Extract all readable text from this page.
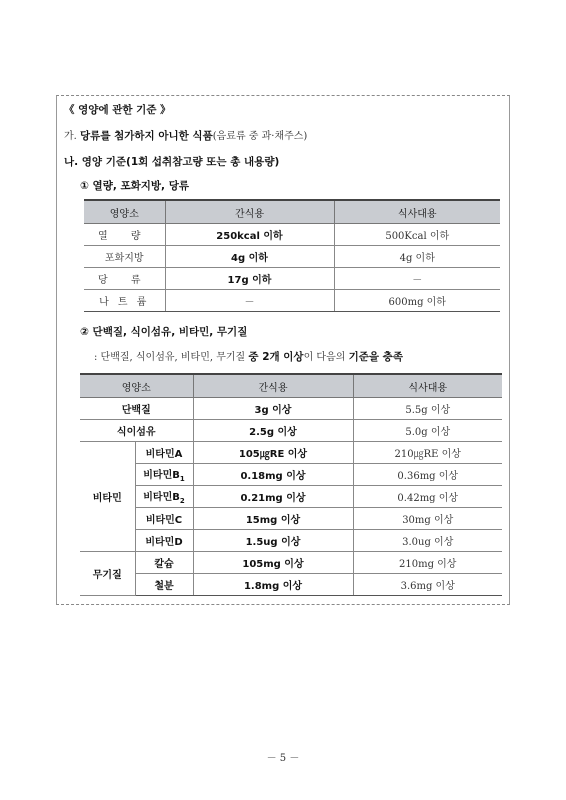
《 영양에 관한 기준 》
가. 당류를 첨가하지 아니한 식품(음료류 중 과·채주스)
나. 영양 기준(1회 섭취참고량 또는 총 내용량)
① 열량, 포화지방, 당류
영양소	간식용	식사대용
열 량	250kcal 이하	500Kcal 이하
포화지방	4g 이하	4g 이하
당 류	17g 이하	－
나 트 륨	－	600mg 이하
② 단백질, 식이섬유, 비타민, 무기질
: 단백질, 식이섬유, 비타민, 무기질 중 2개 이상이 다음의 기준을 충족
영양소		간식용	식사대용
단백질		3g 이상	5.5g 이상
식이섬유		2.5g 이상	5.0g 이상
비타민	비타민A	105㎍RE 이상	210㎍RE 이상
	비타민$B_1$	0.18mg 이상	0.36mg 이상
	비타민$B_2$	0.21mg 이상	0.42mg 이상
	비타민C	15mg 이상	30mg 이상
	비타민D	1.5ug 이상	3.0ug 이상
무기질	칼슘	105mg 이상	210mg 이상
	철분	1.8mg 이상	3.6mg 이상
－ 5 －
